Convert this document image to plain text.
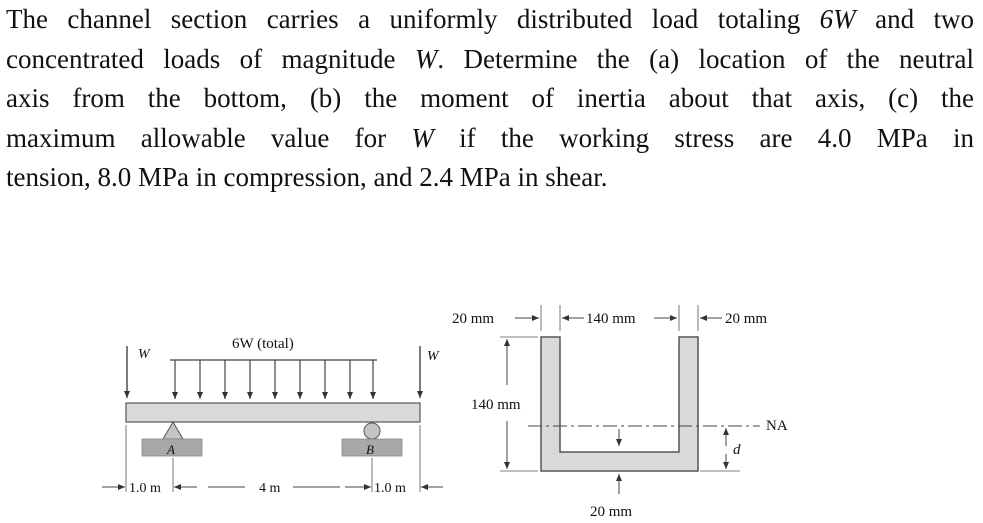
The channel section carries a uniformly distributed load totaling 6W and two
concentrated loads of magnitude W. Determine the (a) location of the neutral
axis from the bottom, (b) the moment of inertia about that axis, (c) the
maximum allowable value for W if the working stress are 4.0 MPa in
tension, 8.0 MPa in compression, and 2.4 MPa in shear.

W	W
6W (total)
A	B
1.0 m	4 m	1.0 m
20 mm	140 mm	20 mm
140 mm
NA
d
20 mm
